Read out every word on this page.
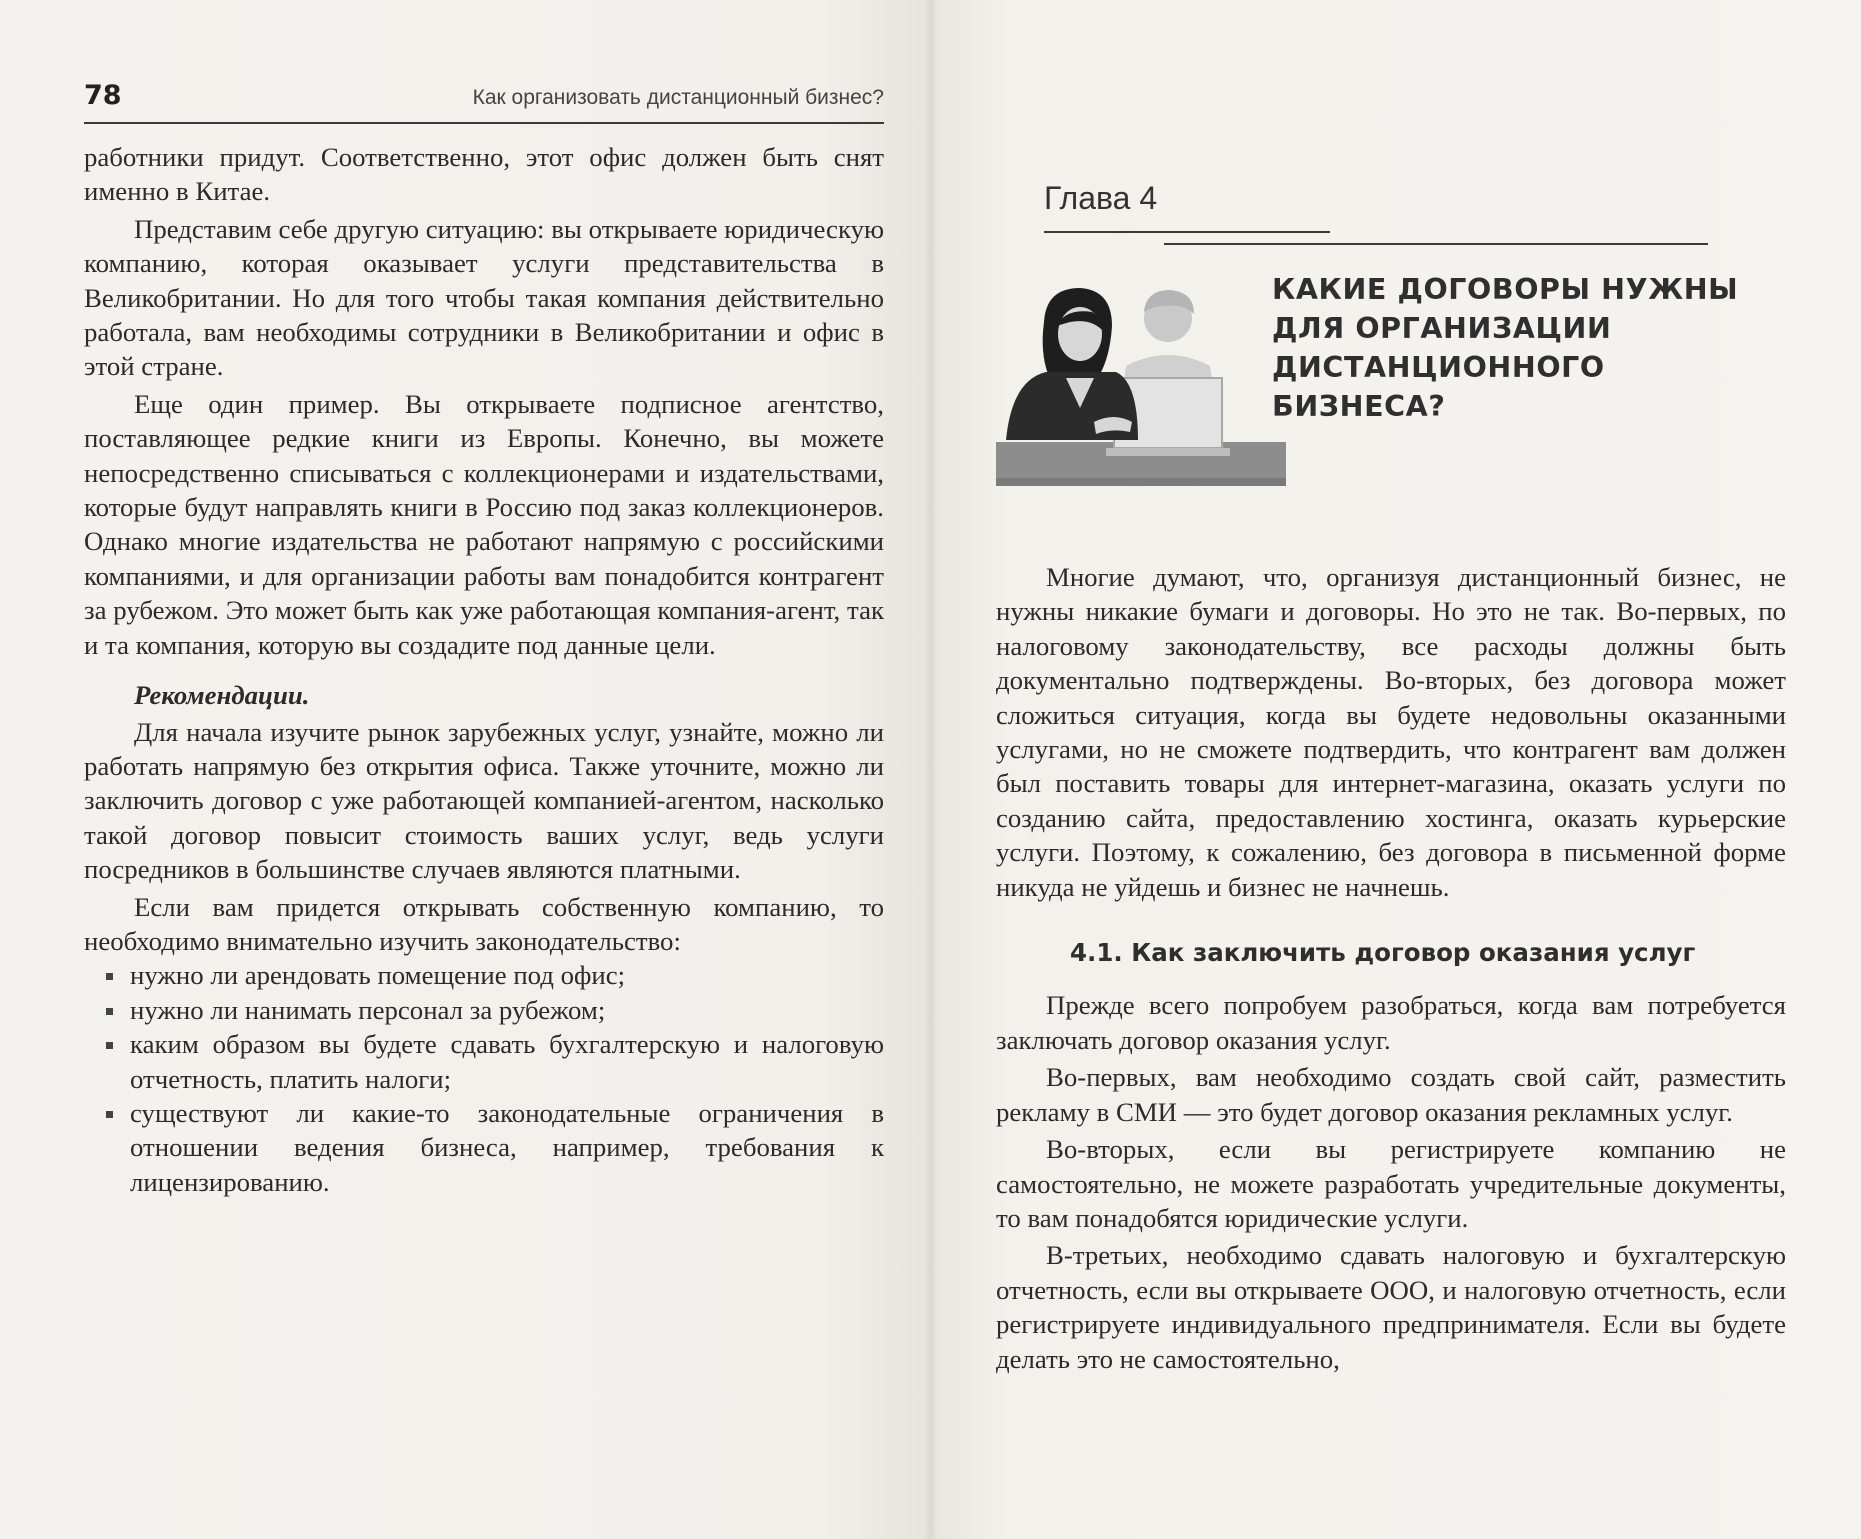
78	Как организовать дистанционный бизнес?

работники придут. Соответственно, этот офис должен быть снят именно в Китае.

Представим себе другую ситуацию: вы открываете юридическую компанию, которая оказывает услуги представительства в Великобритании. Но для того чтобы такая компания действительно работала, вам необходимы сотрудники в Великобритании и офис в этой стране.

Еще один пример. Вы открываете подписное агентство, поставляющее редкие книги из Европы. Конечно, вы можете непосредственно списываться с коллекционерами и издательствами, которые будут направлять книги в Россию под заказ коллекционеров. Однако многие издательства не работают напрямую с российскими компаниями, и для организации работы вам понадобится контрагент за рубежом. Это может быть как уже работающая компания-агент, так и та компания, которую вы создадите под данные цели.

Рекомендации.

Для начала изучите рынок зарубежных услуг, узнайте, можно ли работать напрямую без открытия офиса. Также уточните, можно ли заключить договор с уже работающей компанией-агентом, насколько такой договор повысит стоимость ваших услуг, ведь услуги посредников в большинстве случаев являются платными.

Если вам придется открывать собственную компанию, то необходимо внимательно изучить законодательство:

нужно ли арендовать помещение под офис;
нужно ли нанимать персонал за рубежом;
каким образом вы будете сдавать бухгалтерскую и налоговую отчетность, платить налоги;
существуют ли какие-то законодательные ограничения в отношении ведения бизнеса, например, требования к лицензированию.
Глава 4
КАКИЕ ДОГОВОРЫ НУЖНЫ
ДЛЯ ОРГАНИЗАЦИИ
ДИСТАНЦИОННОГО БИЗНЕСА?

Многие думают, что, организуя дистанционный бизнес, не нужны никакие бумаги и договоры. Но это не так. Во-первых, по налоговому законодательству, все расходы должны быть документально подтверждены. Во-вторых, без договора может сложиться ситуация, когда вы будете недовольны оказанными услугами, но не сможете подтвердить, что контрагент вам должен был поставить товары для интернет-магазина, оказать услуги по созданию сайта, предоставлению хостинга, оказать курьерские услуги. Поэтому, к сожалению, без договора в письменной форме никуда не уйдешь и бизнес не начнешь.

4.1. Как заключить договор оказания услуг

Прежде всего попробуем разобраться, когда вам потребуется заключать договор оказания услуг.

Во-первых, вам необходимо создать свой сайт, разместить рекламу в СМИ — это будет договор оказания рекламных услуг.

Во-вторых, если вы регистрируете компанию не самостоятельно, не можете разработать учредительные документы, то вам понадобятся юридические услуги.

В-третьих, необходимо сдавать налоговую и бухгалтерскую отчетность, если вы открываете ООО, и налоговую отчетность, если регистрируете индивидуального предпринимателя. Если вы будете делать это не самостоятельно,
